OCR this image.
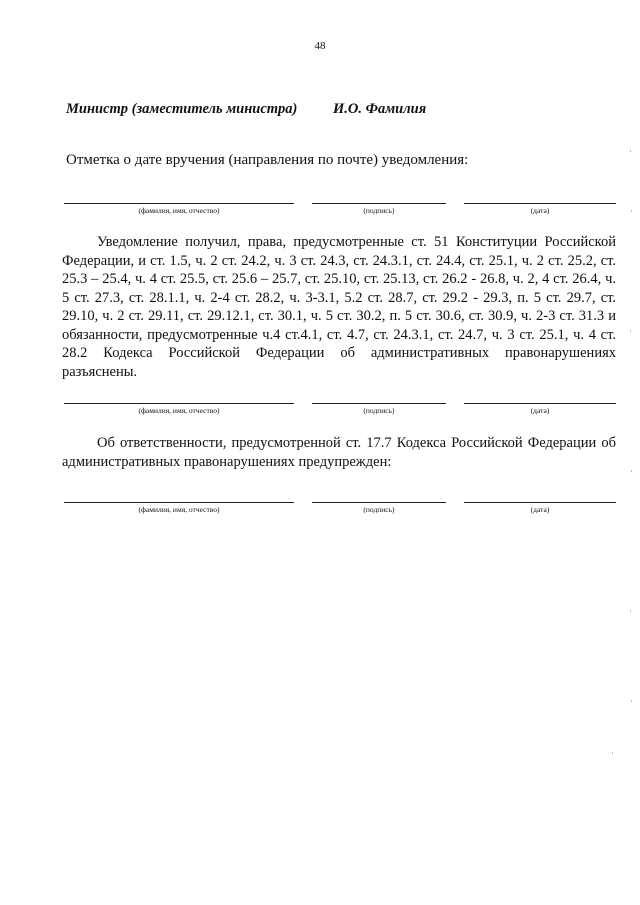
48
Министр (заместитель министра) И.О. Фамилия
Отметка о дате вручения (направления по почте) уведомления:
(фамилия, имя, отчество)	(подпись)	(дата)

Уведомление получил, права, предусмотренные ст. 51 Конституции Российской Федерации, и ст. 1.5, ч. 2 ст. 24.2, ч. 3 ст. 24.3, ст. 24.3.1, ст. 24.4, ст. 25.1, ч. 2 ст. 25.2, ст. 25.3 – 25.4, ч. 4 ст. 25.5, ст. 25.6 – 25.7, ст. 25.10, ст. 25.13, ст. 26.2 - 26.8, ч. 2, 4 ст. 26.4, ч. 5 ст. 27.3, ст. 28.1.1, ч. 2-4 ст. 28.2, ч. 3-3.1, 5.2 ст. 28.7, ст. 29.2 - 29.3, п. 5 ст. 29.7, ст. 29.10, ч. 2 ст. 29.11, ст. 29.12.1, ст. 30.1, ч. 5 ст. 30.2, п. 5 ст. 30.6, ст. 30.9, ч. 2-3 ст. 31.3 и обязанности, предусмотренные ч.4 ст.4.1, ст. 4.7, ст. 24.3.1, ст. 24.7, ч. 3 ст. 25.1, ч. 4 ст. 28.2 Кодекса Российской Федерации об административных правонарушениях разъяснены.

(фамилия, имя, отчество)	(подпись)	(дата)

Об ответственности, предусмотренной ст. 17.7 Кодекса Российской Федерации об административных правонарушениях предупрежден:

(фамилия, имя, отчество)	(подпись)	(дата)
